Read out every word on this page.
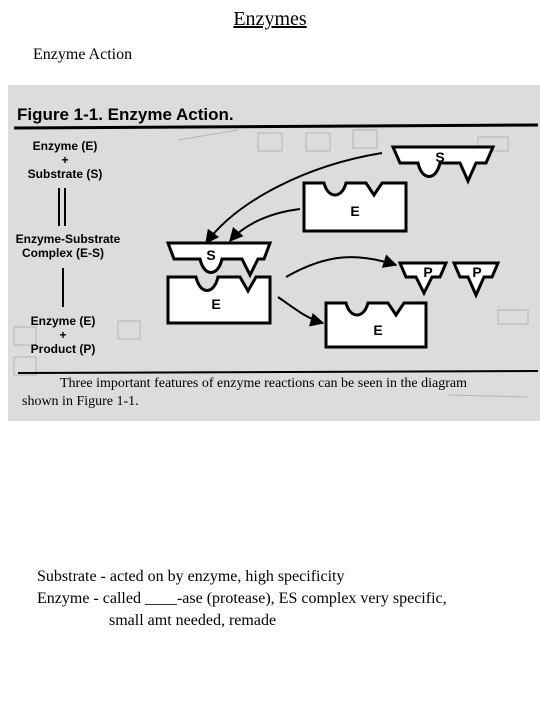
Enzymes
Enzyme Action
Figure 1-1. Enzyme Action.
Enzyme (E)
+
Substrate (S)
Enzyme-Substrate
Complex (E-S)
Enzyme (E)
+
Product (P)
S
E
S
E
P	P
E
Three important features of enzyme reactions can be seen in the diagram
shown in Figure 1-1.
Substrate - acted on by enzyme, high specificity
Enzyme - called ____-ase (protease), ES complex very specific,
small amt needed, remade
